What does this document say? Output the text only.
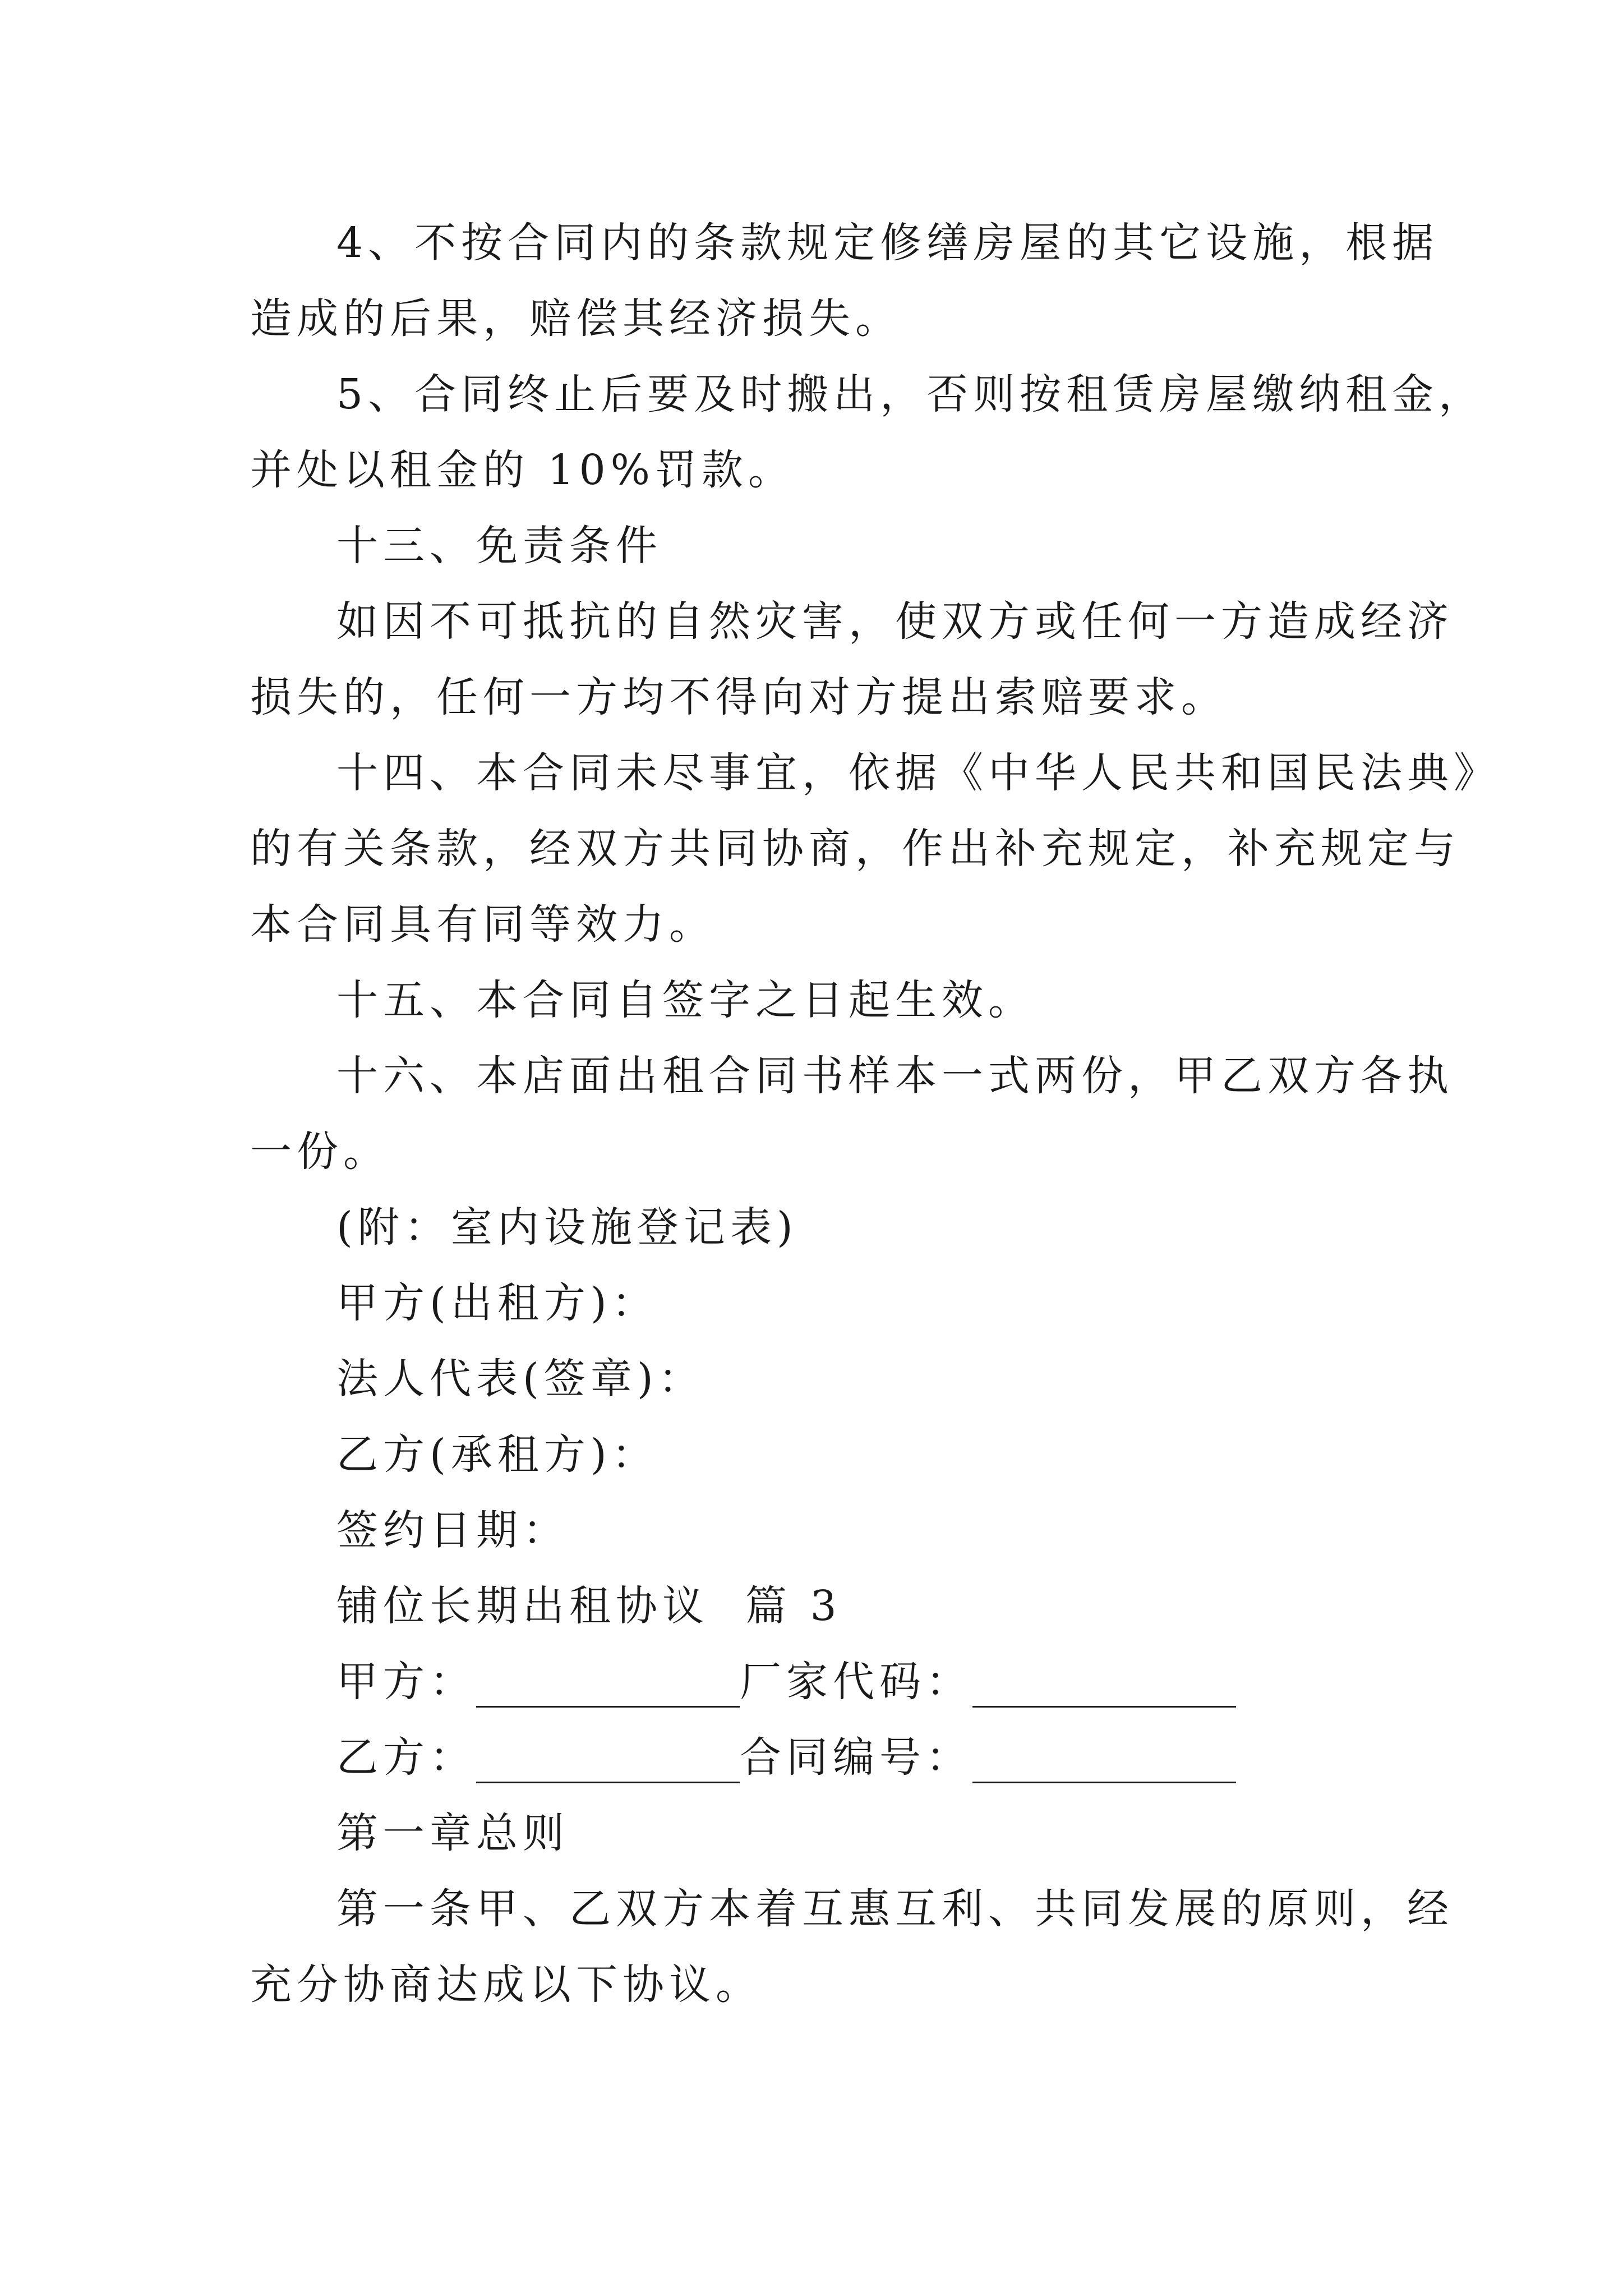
4、不按合同内的条款规定修缮房屋的其它设施，根据
造成的后果，赔偿其经济损失。
5、合同终止后要及时搬出，否则按租赁房屋缴纳租金，
并处以租金的 10%罚款。
十三、免责条件
如因不可抵抗的自然灾害，使双方或任何一方造成经济
损失的，任何一方均不得向对方提出索赔要求。
十四、本合同未尽事宜，依据《中华人民共和国民法典》
的有关条款，经双方共同协商，作出补充规定，补充规定与
本合同具有同等效力。
十五、本合同自签字之日起生效。
十六、本店面出租合同书样本一式两份，甲乙双方各执
一份。
(附：室内设施登记表)
甲方(出租方)：
法人代表(签章)：
乙方(承租方)：
签约日期：
铺位长期出租协议  篇 3
甲方：	厂家代码：
乙方：	合同编号：
第一章总则
第一条甲、乙双方本着互惠互利、共同发展的原则，经
充分协商达成以下协议。
